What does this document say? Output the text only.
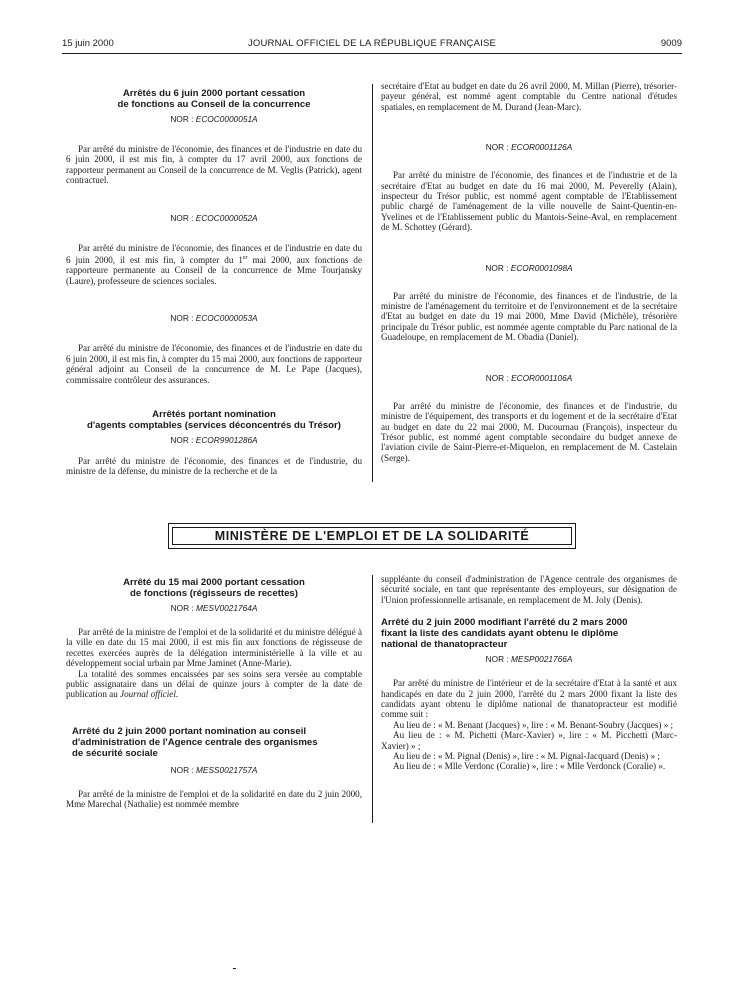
15 juin 2000	JOURNAL OFFICIEL DE LA RÉPUBLIQUE FRANÇAISE	9009

Arrêtés du 6 juin 2000 portant cessation
de fonctions au Conseil de la concurrence

NOR : ECOC0000051A

Par arrêté du ministre de l'économie, des finances et de l'industrie en date du 6 juin 2000, il est mis fin, à compter du 17 avril 2000, aux fonctions de rapporteur permanent au Conseil de la concurrence de M. Veglis (Patrick), agent contractuel.

NOR : ECOC0000052A

Par arrêté du ministre de l'économie, des finances et de l'industrie en date du 6 juin 2000, il est mis fin, à compter du 1er mai 2000, aux fonctions de rapporteure permanente au Conseil de la concurrence de Mme Tourjansky (Laure), professeure de sciences sociales.

NOR : ECOC0000053A

Par arrêté du ministre de l'économie, des finances et de l'industrie en date du 6 juin 2000, il est mis fin, à compter du 15 mai 2000, aux fonctions de rapporteur général adjoint au Conseil de la concurrence de M. Le Pape (Jacques), commissaire contrôleur des assurances.

Arrêtés portant nomination
d'agents comptables (services déconcentrés du Trésor)

NOR : ECOR9901286A

Par arrêté du ministre de l'économie, des finances et de l'industrie, du ministre de la défense, du ministre de la recherche et de la

secrétaire d'Etat au budget en date du 26 avril 2000, M. Millan (Pierre), trésorier-payeur général, est nommé agent comptable du Centre national d'études spatiales, en remplacement de M. Durand (Jean-Marc).

NOR : ECOR0001126A

Par arrêté du ministre de l'économie, des finances et de l'industrie et de la secrétaire d'Etat au budget en date du 16 mai 2000, M. Peverelly (Alain), inspecteur du Trésor public, est nommé agent comptable de l'Etablissement public chargé de l'aménagement de la ville nouvelle de Saint-Quentin-en-Yvelines et de l'Etablissement public du Mantois-Seine-Aval, en remplacement de M. Schottey (Gérard).

NOR : ECOR0001098A

Par arrêté du ministre de l'économie, des finances et de l'industrie, de la ministre de l'aménagement du territoire et de l'environnement et de la secrétaire d'Etat au budget en date du 19 mai 2000, Mme David (Michèle), trésorière principale du Trésor public, est nommée agente comptable du Parc national de la Guadeloupe, en remplacement de M. Obadia (Daniel).

NOR : ECOR0001106A

Par arrêté du ministre de l'économie, des finances et de l'industrie, du ministre de l'équipement, des transports et du logement et de la secrétaire d'Etat au budget en date du 22 mai 2000, M. Ducournau (François), inspecteur du Trésor public, est nommé agent comptable secondaire du budget annexe de l'aviation civile de Saint-Pierre-et-Miquelon, en remplacement de M. Castelain (Serge).

MINISTÈRE DE L'EMPLOI ET DE LA SOLIDARITÉ

Arrêté du 15 mai 2000 portant cessation
de fonctions (régisseurs de recettes)

NOR : MESV0021764A

Par arrêté de la ministre de l'emploi et de la solidarité et du ministre délégué à la ville en date du 15 mai 2000, il est mis fin aux fonctions de régisseuse de recettes exercées auprès de la délégation interministérielle à la ville et au développement social urbain par Mme Jaminet (Anne-Marie).

La totalité des sommes encaissées par ses soins sera versée au comptable public assignataire dans un délai de quinze jours à compter de la date de publication au Journal officiel.

Arrêté du 2 juin 2000 portant nomination au conseil
d'administration de l'Agence centrale des organismes
de sécurité sociale

NOR : MESS0021757A

Par arrêté de la ministre de l'emploi et de la solidarité en date du 2 juin 2000, Mme Marechal (Nathalie) est nommée membre

suppléante du conseil d'administration de l'Agence centrale des organismes de sécurité sociale, en tant que représentante des employeurs, sur désignation de l'Union professionnelle artisanale, en remplacement de M. Joly (Denis).

Arrêté du 2 juin 2000 modifiant l'arrêté du 2 mars 2000
fixant la liste des candidats ayant obtenu le diplôme
national de thanatopracteur

NOR : MESP0021766A

Par arrêté du ministre de l'intérieur et de la secrétaire d'Etat à la santé et aux handicapés en date du 2 juin 2000, l'arrêté du 2 mars 2000 fixant la liste des candidats ayant obtenu le diplôme national de thanatopracteur est modifié comme suit :

Au lieu de : « M. Benant (Jacques) », lire : « M. Benant-Soubry (Jacques) » ;

Au lieu de : « M. Pichetti (Marc-Xavier) », lire : « M. Picchetti (Marc-Xavier) » ;

Au lieu de : « M. Pignal (Denis) », lire : « M. Pignal-Jacquard (Denis) » ;

Au lieu de : « Mlle Verdonc (Coralie) », lire : « Mlle Verdonck (Coralie) ».
